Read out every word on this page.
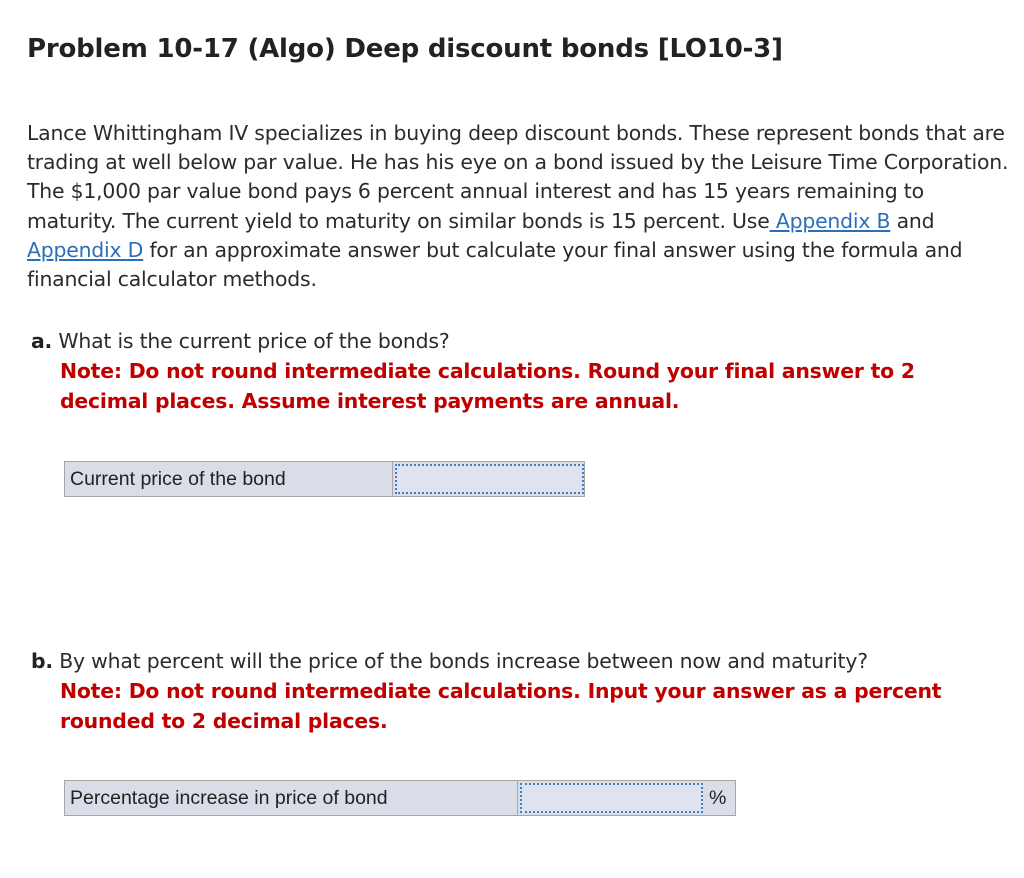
Problem 10-17 (Algo) Deep discount bonds [LO10-3]

Lance Whittingham IV specializes in buying deep discount bonds. These represent bonds that are trading at well below par value. He has his eye on a bond issued by the Leisure Time Corporation. The $1,000 par value bond pays 6 percent annual interest and has 15 years remaining to maturity. The current yield to maturity on similar bonds is 15 percent. Use Appendix B and Appendix D for an approximate answer but calculate your final answer using the formula and financial calculator methods.

a. What is the current price of the bonds?

Note: Do not round intermediate calculations. Round your final answer to 2 decimal places. Assume interest payments are annual.

Current price of the bond

b. By what percent will the price of the bonds increase between now and maturity?

Note: Do not round intermediate calculations. Input your answer as a percent rounded to 2 decimal places.

Percentage increase in price of bond	%
